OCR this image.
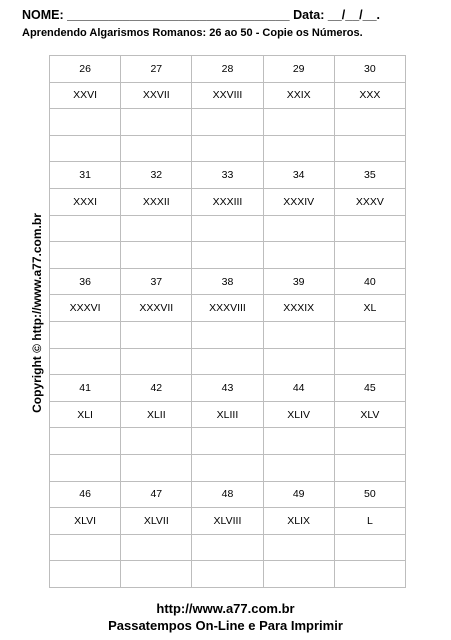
NOME: ________________________________ Data: __/__/__.
Aprendendo Algarismos Romanos: 26 ao 50 - Copie os Números.
Copyright © http://www.a77.com.br
26	27	28	29	30
XXVI	XXVII	XXVIII	XXIX	XXX

31	32	33	34	35
XXXI	XXXII	XXXIII	XXXIV	XXXV

36	37	38	39	40
XXXVI	XXXVII	XXXVIII	XXXIX	XL

41	42	43	44	45
XLI	XLII	XLIII	XLIV	XLV

46	47	48	49	50
XLVI	XLVII	XLVIII	XLIX	L

http://www.a77.com.br
Passatempos On-Line e Para Imprimir
